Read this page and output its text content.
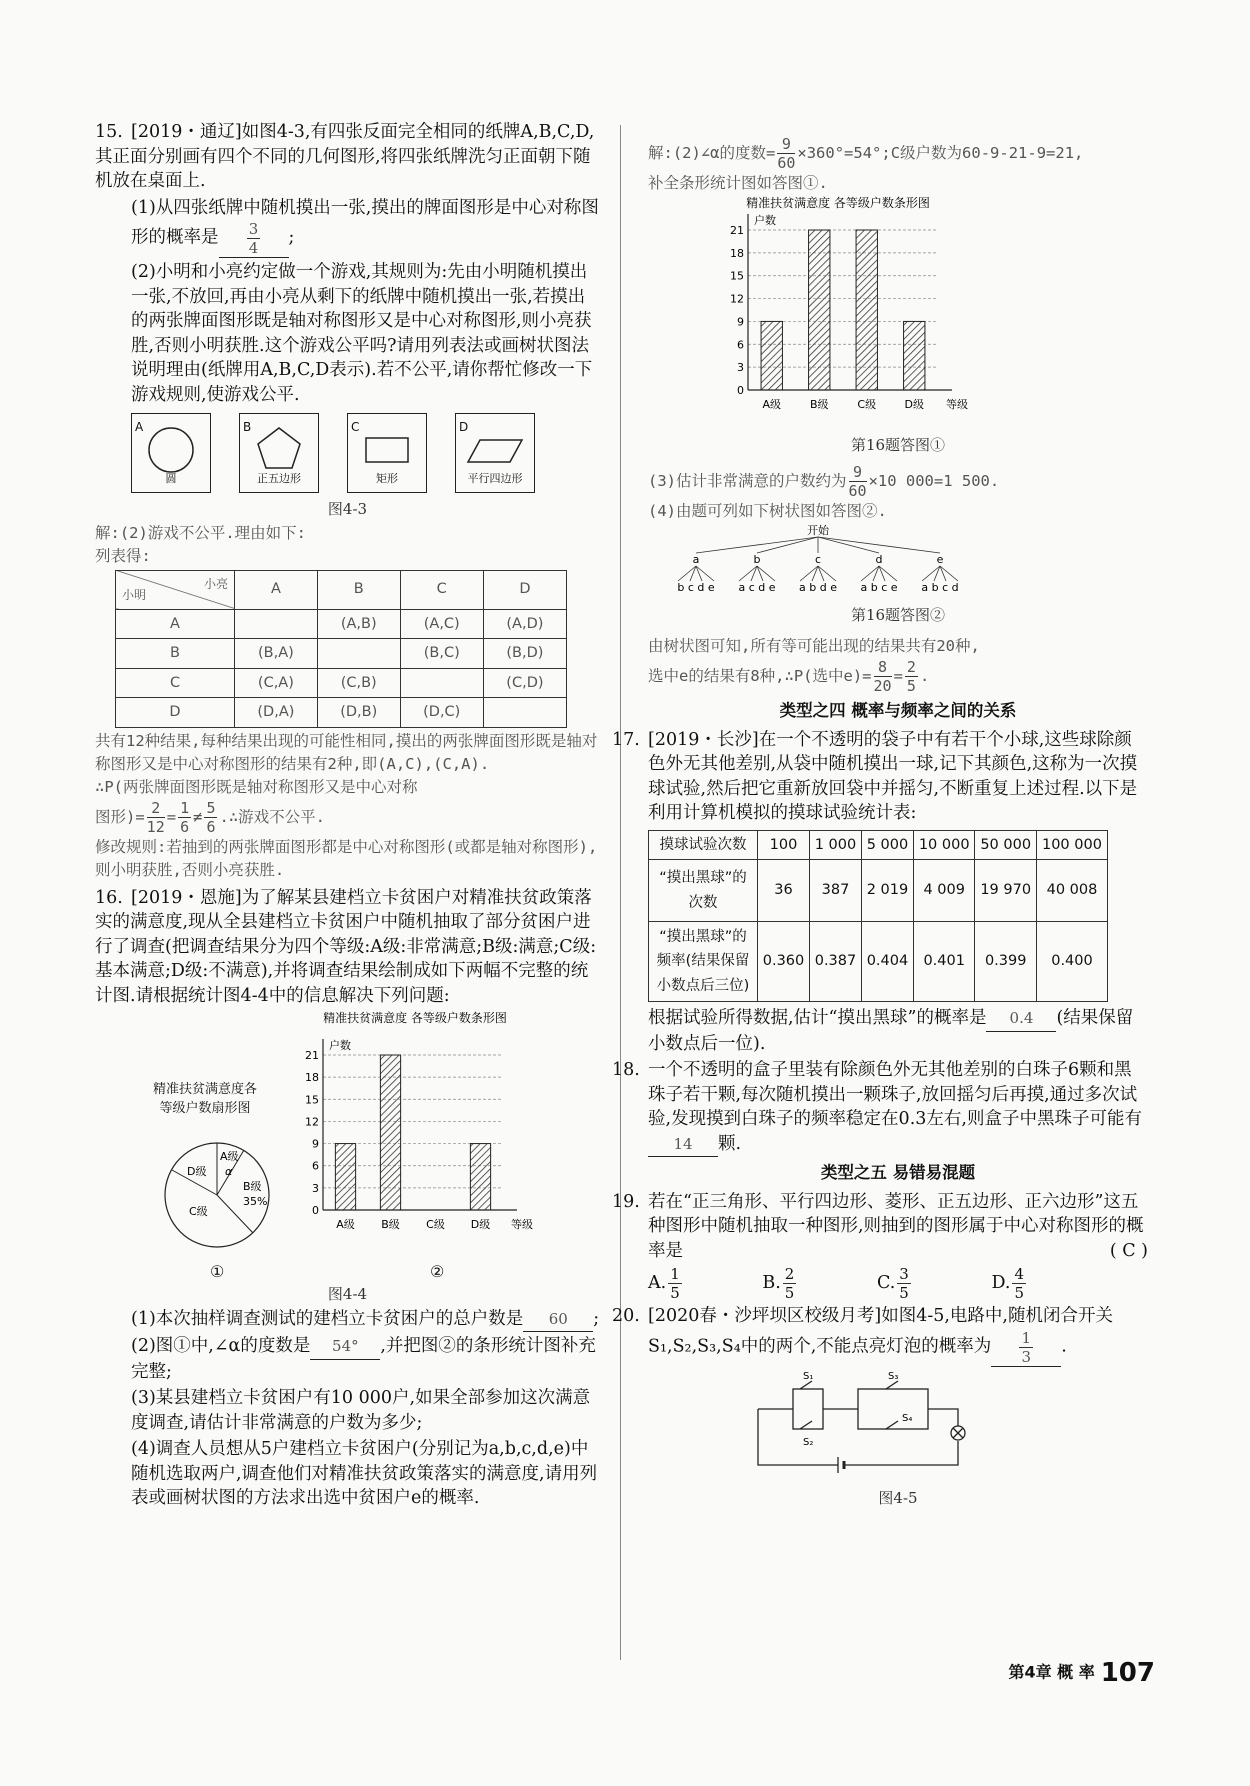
15. [2019・通辽]如图4-3,有四张反面完全相同的纸牌A,B,C,D,其正面分别画有四个不同的几何图形,将四张纸牌洗匀正面朝下随机放在桌面上.
(1)从四张纸牌中随机摸出一张,摸出的牌面图形是中心对称图形的概率是 $\frac{3}{4}$ ;
(2)小明和小亮约定做一个游戏,其规则为:先由小明随机摸出一张,不放回,再由小亮从剩下的纸牌中随机摸出一张,若摸出的两张牌面图形既是轴对称图形又是中心对称图形,则小亮获胜,否则小明获胜.这个游戏公平吗?请用列表法或画树状图法说明理由(纸牌用A,B,C,D表示).若不公平,请你帮忙修改一下游戏规则,使游戏公平.
A
圆
B
正五边形
C
矩形
D
平行四边形
图4-3
解:(2)游戏不公平.理由如下:
列表得:
小亮
小明	A	B	C	D
A		(A,B)	(A,C)	(A,D)
B	(B,A)		(B,C)	(B,D)
C	(C,A)	(C,B)		(C,D)
D	(D,A)	(D,B)	(D,C)	
共有12种结果,每种结果出现的可能性相同,摸出的两张牌面图形既是轴对称图形又是中心对称图形的结果有2种,即(A,C),(C,A).
∴P(两张牌面图形既是轴对称图形又是中心对称
图形)= $\frac{2}{12} = \frac{1}{6} \ne \frac{5}{6}$ .∴游戏不公平.
修改规则:若抽到的两张牌面图形都是中心对称图形(或都是轴对称图形),则小明获胜,否则小亮获胜.
16. [2019・恩施]为了解某县建档立卡贫困户对精准扶贫政策落实的满意度,现从全县建档立卡贫困户中随机抽取了部分贫困户进行了调查(把调查结果分为四个等级:A级:非常满意;B级:满意;C级:基本满意;D级:不满意),并将调查结果绘制成如下两幅不完整的统计图.请根据统计图4-4中的信息解决下列问题:
精准扶贫满意度各
等级户数扇形图
A级
α
B级
35%
C级
D级
①
精准扶贫满意度 各等级户数条形图
0
3
6
9
12
15
18
21
户数
等级
A级 B级 C级 D级
②
图4-4
(1)本次抽样调查测试的建档立卡贫困户的总户数是 60 ;
(2)图①中,∠α的度数是 54° ,并把图②的条形统计图补充完整;
(3)某县建档立卡贫困户有10 000户,如果全部参加这次满意度调查,请估计非常满意的户数为多少;
(4)调查人员想从5户建档立卡贫困户(分别记为a,b,c,d,e)中随机选取两户,调查他们对精准扶贫政策落实的满意度,请用列表或画树状图的方法求出选中贫困户e的概率.
解:(2)∠α的度数= $\frac{9}{60}$ ×360°=54°;C级户数为60-9-21-9=21,
补全条形统计图如答图①.
精准扶贫满意度 各等级户数条形图
0
3
6
9
12
15
18
21
户数
等级
A级	B级	C级	D级
第16题答图①
(3)估计非常满意的户数约为 $\frac{9}{60} \times 10$ 000=1 500.
(4)由题可列如下树状图如答图②.
开始
a	b	c	d	e
b c d e a c d e a b d e a b c e a b c d
第16题答图②
由树状图可知,所有等可能出现的结果共有20种,
选中e的结果有8种,∴P(选中$e)= \frac{8}{20} = \frac{2}{5}$ .
类型之四 概率与频率之间的关系
17. [2019・长沙]在一个不透明的袋子中有若干个小球,这些球除颜色外无其他差别,从袋中随机摸出一球,记下其颜色,这称为一次摸球试验,然后把它重新放回袋中并摇匀,不断重复上述过程.以下是利用计算机模拟的摸球试验统计表:
摸球试验次数	100	1 000	5 000	10 000	50 000	100 000
“摸出黑球”的次数	36	387	2 019	4 009	19 970	40 008
“摸出黑球”的频率(结果保留小数点后三位)	0.360	0.387	0.404	0.401	0.399	0.400
根据试验所得数据,估计“摸出黑球”的概率是 0.4 (结果保留小数点后一位).
18. 一个不透明的盒子里装有除颜色外无其他差别的白珠子6颗和黑珠子若干颗,每次随机摸出一颗珠子,放回摇匀后再摸,通过多次试验,发现摸到白珠子的频率稳定在0.3左右,则盒子中黑珠子可能有14 颗.
类型之五 易错易混题
19. 若在“正三角形、平行四边形、菱形、正五边形、正六边形”这五种图形中随机抽取一种图形,则抽到的图形属于中心对称图形的概率是	( C )
A. $\frac{1}{5}$	B. $\frac{2}{5}$	C. $\frac{3}{5}$	D. $\frac{4}{5}$
20. [2020春・沙坪坝区校级月考]如图4-5,电路中,随机闭合开关S₁,S₂,S₃,S₄中的两个,不能点亮灯泡的概率为 $\frac{1}{3}$ .
S₁
S₂
S₃
S₄
图4-5
第4章 概 率 107
